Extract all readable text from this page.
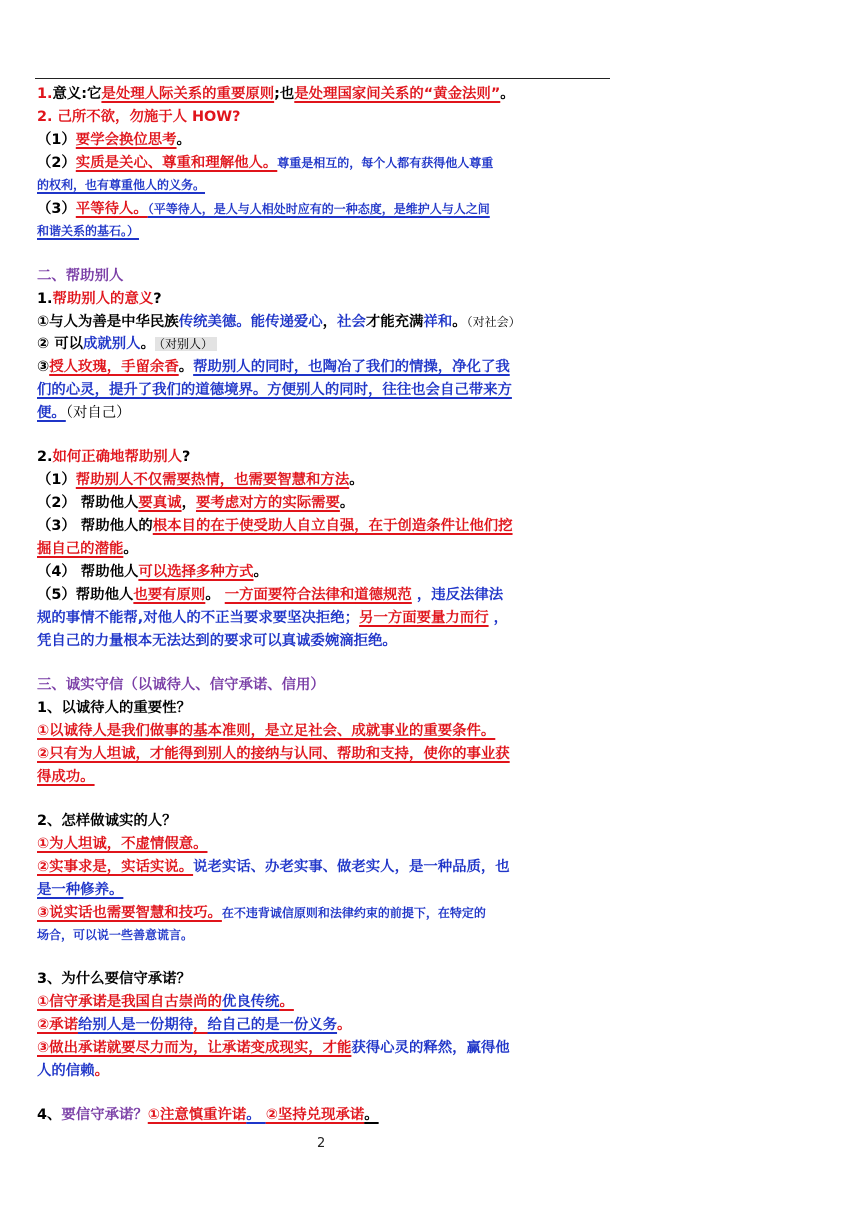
1.意义:它是处理人际关系的重要原则;也是处理国家间关系的“黄金法则”。
2. 己所不欲，勿施于人 HOW?
（1）要学会换位思考。
（2）实质是关心、尊重和理解他人。尊重是相互的，每个人都有获得他人尊重
的权利，也有尊重他人的义务。
（3）平等待人。（平等待人，是人与人相处时应有的一种态度，是维护人与人之间
和谐关系的基石。）
二、帮助别人
1.帮助别人的意义?
①与人为善是中华民族传统美德。能传递爱心，社会才能充满祥和。（对社会）
② 可以成就别人。 （对别人）
③授人玫瑰，手留余香。帮助别人的同时，也陶冶了我们的情操，净化了我
们的心灵，提升了我们的道德境界。方便别人的同时，往往也会自己带来方
便。（对自己）
2.如何正确地帮助别人?
（1）帮助别人不仅需要热情，也需要智慧和方法。
（2） 帮助他人要真诚，要考虑对方的实际需要。
（3） 帮助他人的根本目的在于使受助人自立自强，在于创造条件让他们挖
掘自己的潜能。
（4） 帮助他人可以选择多种方式。
（5）帮助他人也要有原则。 一方面要符合法律和道德规范 ，违反法律法
规的事情不能帮,对他人的不正当要求要坚决拒绝；另一方面要量力而行 ，
凭自己的力量根本无法达到的要求可以真诚委婉滴拒绝。
三、诚实守信（以诚待人、信守承诺、信用）
1、以诚待人的重要性？
①以诚待人是我们做事的基本准则，是立足社会、成就事业的重要条件。
②只有为人坦诚，才能得到别人的接纳与认同、帮助和支持，使你的事业获
得成功。
2、怎样做诚实的人？
①为人坦诚，不虚情假意。
②实事求是，实话实说。说老实话、办老实事、做老实人，是一种品质，也
是一种修养。
③说实话也需要智慧和技巧。在不违背诚信原则和法律约束的前提下，在特定的
场合，可以说一些善意谎言。
3、为什么要信守承诺？
①信守承诺是我国自古崇尚的优良传统。
②承诺给别人是一份期待，给自己的是一份义务。
③做出承诺就要尽力而为，让承诺变成现实，才能获得心灵的释然，赢得他
人的信赖。
4、要信守承诺？①注意慎重许诺。 ②坚持兑现承诺。
2
